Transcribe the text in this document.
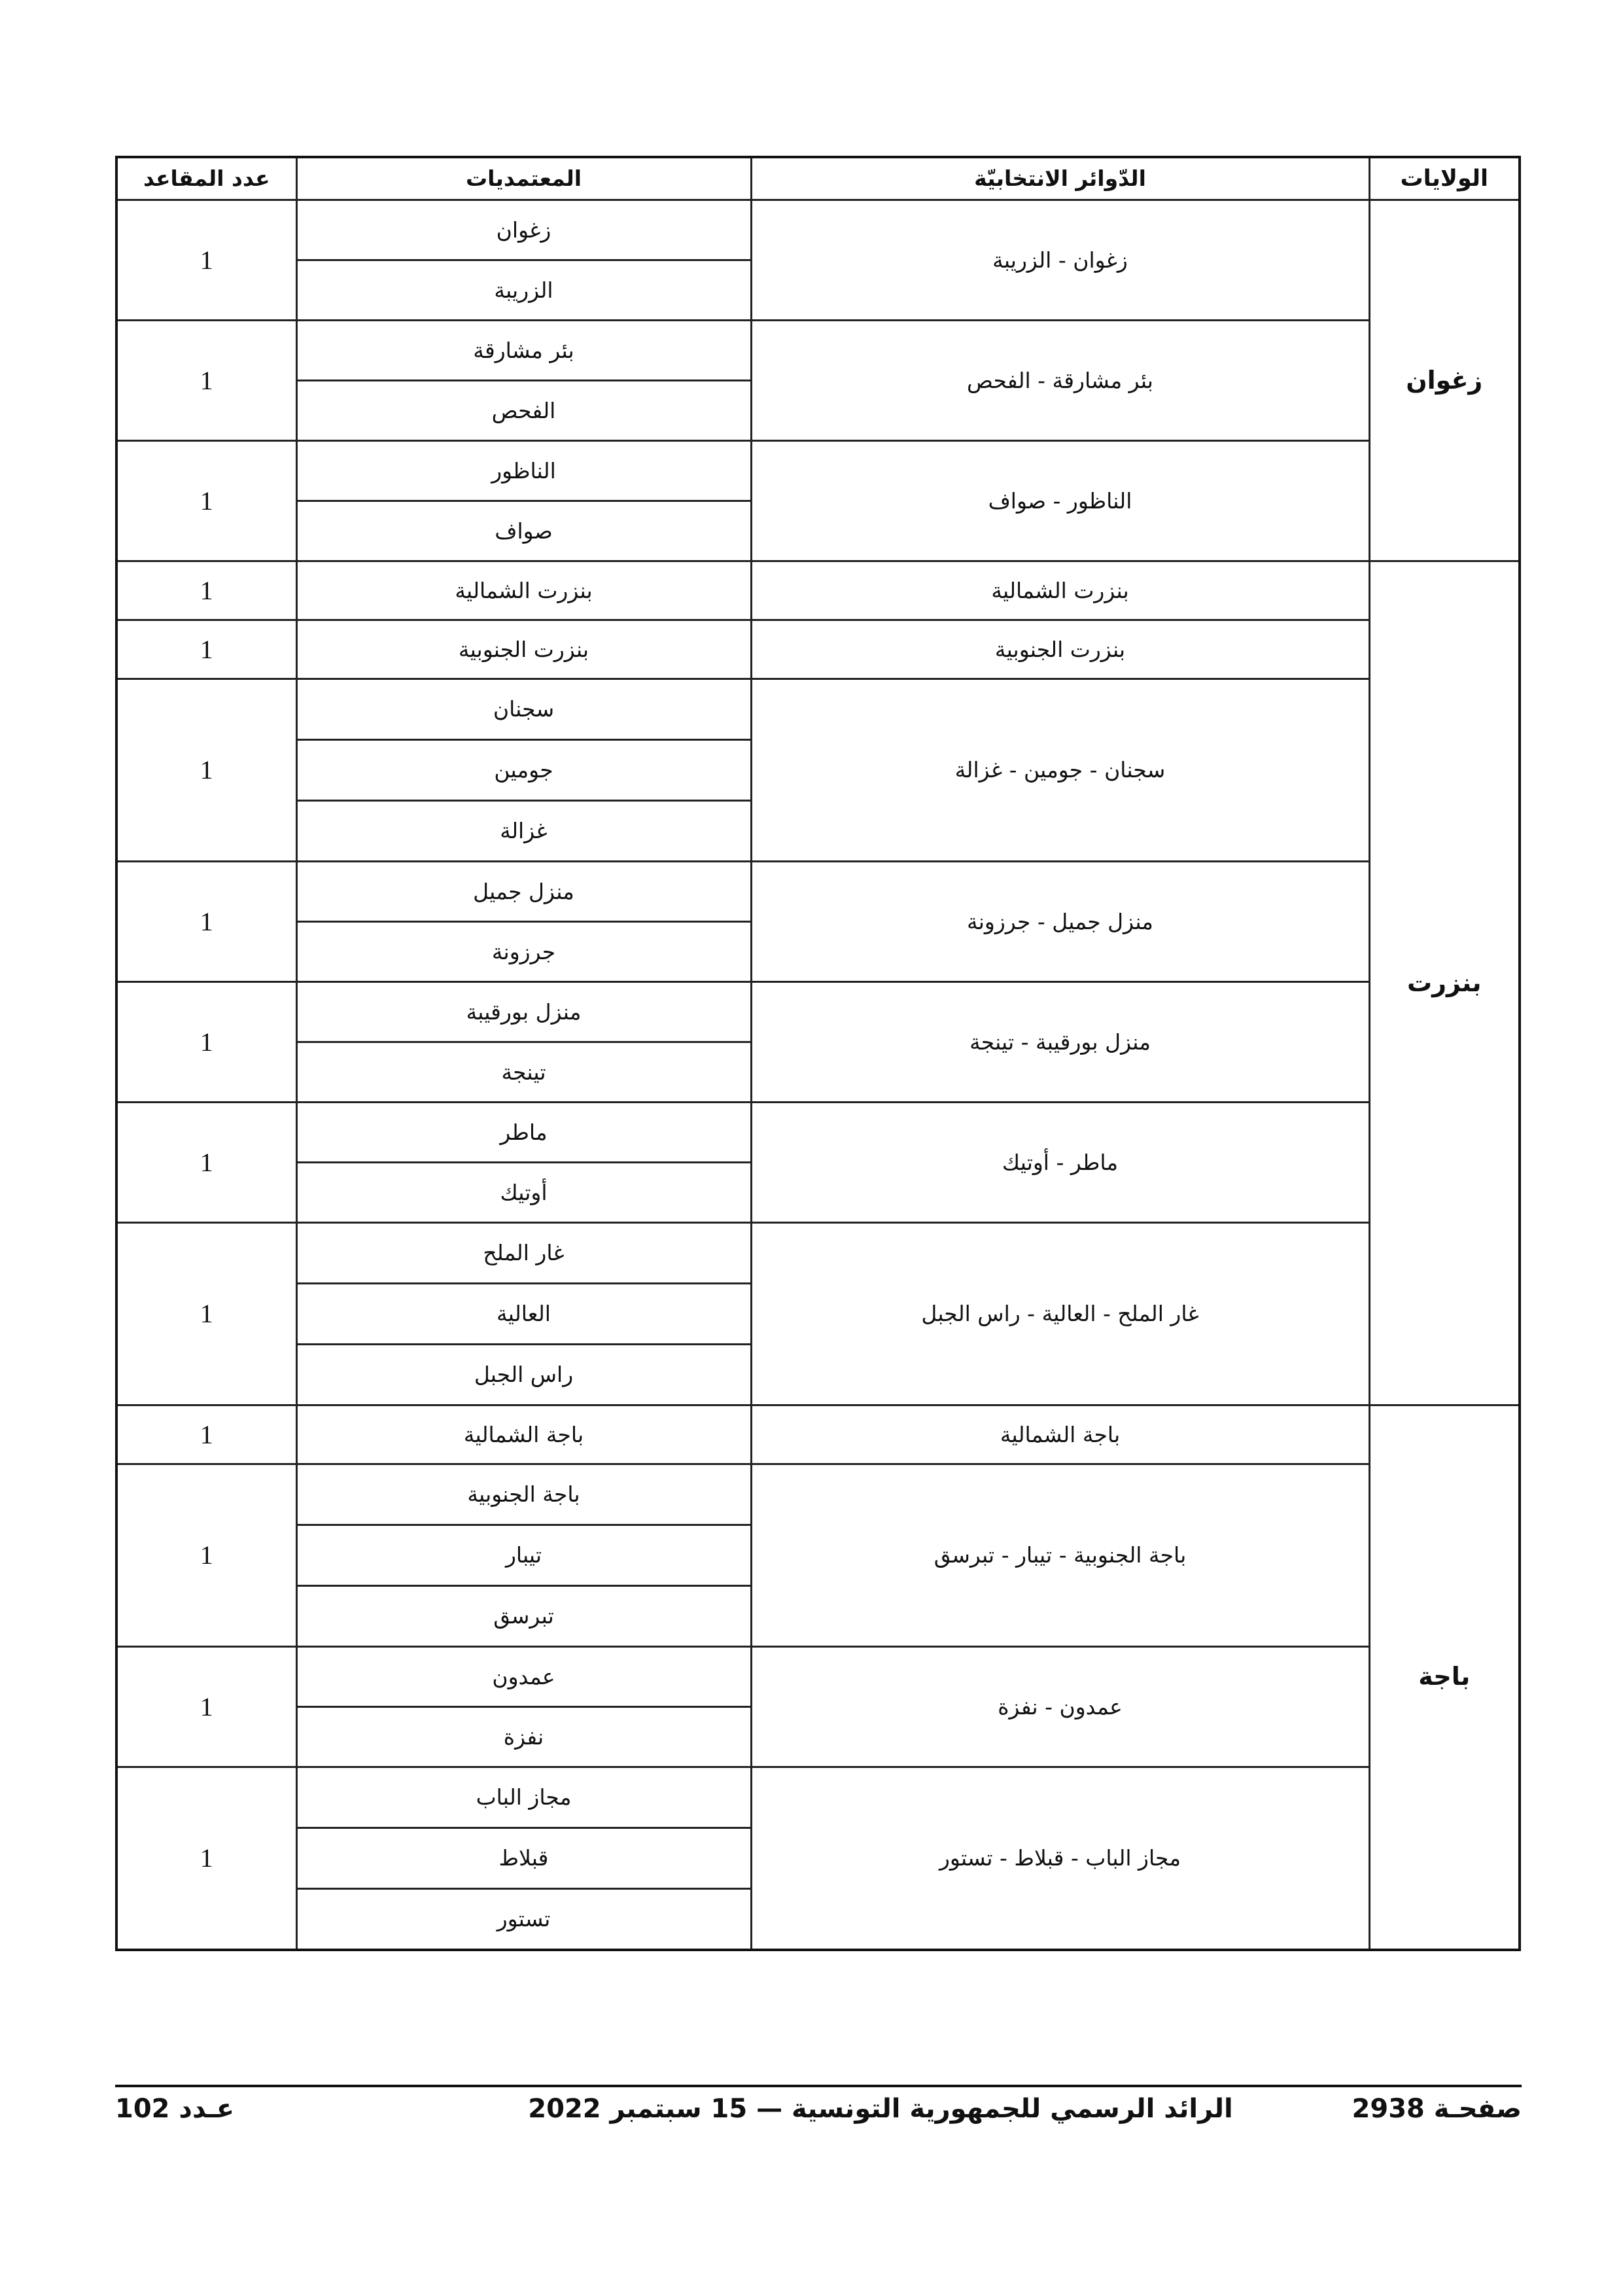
الولايات	الدّوائر الانتخابيّة	المعتمديات	عدد المقاعد
زغوان	زغوان - الزريبة	زغوان	1
		الزريبة	
	بئر مشارقة - الفحص	بئر مشارقة	1
		الفحص	
	الناظور - صواف	الناظور	1
		صواف	
بنزرت	بنزرت الشمالية	بنزرت الشمالية	1
	بنزرت الجنوبية	بنزرت الجنوبية	1
	سجنان - جومين - غزالة	سجنان	1
		جومين	
		غزالة	
	منزل جميل - جرزونة	منزل جميل	1
		جرزونة	
	منزل بورقيبة - تينجة	منزل بورقيبة	1
		تينجة	
	ماطر - أوتيك	ماطر	1
		أوتيك	
	غار الملح - العالية - راس الجبل	غار الملح	1
		العالية	
		راس الجبل	
باجة	باجة الشمالية	باجة الشمالية	1
	باجة الجنوبية - تيبار - تبرسق	باجة الجنوبية	1
		تيبار	
		تبرسق	
	عمدون - نفزة	عمدون	1
		نفزة	
	مجاز الباب - قبلاط - تستور	مجاز الباب	1
		قبلاط	
		تستور	
صفحـة 2938
الرائد الرسمي للجمهورية التونسية — 15 سبتمبر 2022
عـدد 102
